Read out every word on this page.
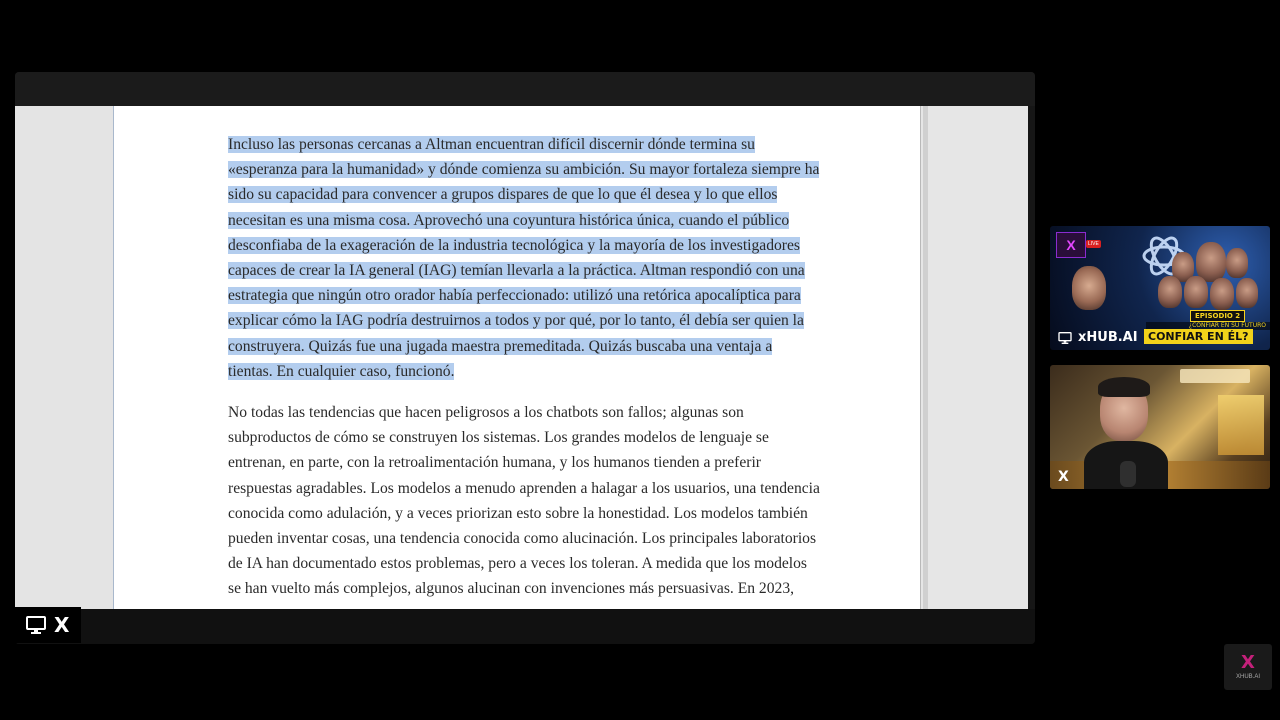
Incluso las personas cercanas a Altman encuentran difícil discernir dónde termina su
«esperanza para la humanidad» y dónde comienza su ambición. Su mayor fortaleza siempre ha
sido su capacidad para convencer a grupos dispares de que lo que él desea y lo que ellos
necesitan es una misma cosa. Aprovechó una coyuntura histórica única, cuando el público
desconfiaba de la exageración de la industria tecnológica y la mayoría de los investigadores
capaces de crear la IA general (IAG) temían llevarla a la práctica. Altman respondió con una
estrategia que ningún otro orador había perfeccionado: utilizó una retórica apocalíptica para
explicar cómo la IAG podría destruirnos a todos y por qué, por lo tanto, él debía ser quien la
construyera. Quizás fue una jugada maestra premeditada. Quizás buscaba una ventaja a
tientas. En cualquier caso, funcionó.
No todas las tendencias que hacen peligrosos a los chatbots son fallos; algunas son
subproductos de cómo se construyen los sistemas. Los grandes modelos de lenguaje se
entrenan, en parte, con la retroalimentación humana, y los humanos tienden a preferir
respuestas agradables. Los modelos a menudo aprenden a halagar a los usuarios, una tendencia
conocida como adulación, y a veces priorizan esto sobre la honestidad. Los modelos también
pueden inventar cosas, una tendencia conocida como alucinación. Los principales laboratorios
de IA han documentado estos problemas, pero a veces los toleran. A medida que los modelos
se han vuelto más complejos, algunos alucinan con invenciones más persuasivas. En 2023,
X
X	LIVE
EPISODIO 2
¿CONFIAR EN SU FUTURO
xHUB.AI CONFIAR EN ÉL?
X
X
XHUB.AI
